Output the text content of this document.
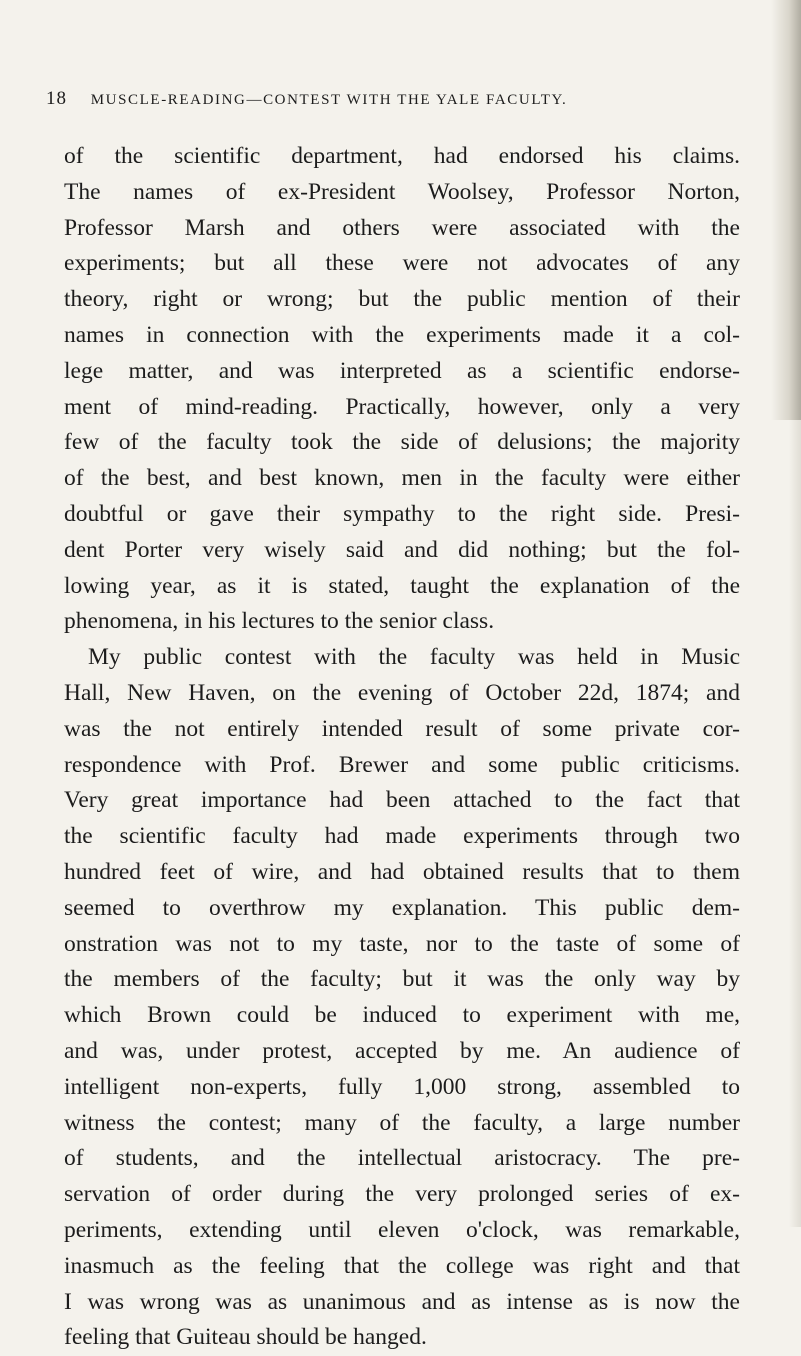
18 MUSCLE-READING—CONTEST WITH THE YALE FACULTY.
of the scientific department, had endorsed his claims.
The names of ex-President Woolsey, Professor Norton,
Professor Marsh and others were associated with the
experiments; but all these were not advocates of any
theory, right or wrong; but the public mention of their
names in connection with the experiments made it a col-
lege matter, and was interpreted as a scientific endorse-
ment of mind-reading. Practically, however, only a very
few of the faculty took the side of delusions; the majority
of the best, and best known, men in the faculty were either
doubtful or gave their sympathy to the right side. Presi-
dent Porter very wisely said and did nothing; but the fol-
lowing year, as it is stated, taught the explanation of the
phenomena, in his lectures to the senior class.
My public contest with the faculty was held in Music
Hall, New Haven, on the evening of October 22d, 1874; and
was the not entirely intended result of some private cor-
respondence with Prof. Brewer and some public criticisms.
Very great importance had been attached to the fact that
the scientific faculty had made experiments through two
hundred feet of wire, and had obtained results that to them
seemed to overthrow my explanation. This public dem-
onstration was not to my taste, nor to the taste of some of
the members of the faculty; but it was the only way by
which Brown could be induced to experiment with me,
and was, under protest, accepted by me. An audience of
intelligent non-experts, fully 1,000 strong, assembled to
witness the contest; many of the faculty, a large number
of students, and the intellectual aristocracy. The pre-
servation of order during the very prolonged series of ex-
periments, extending until eleven o'clock, was remarkable,
inasmuch as the feeling that the college was right and that
I was wrong was as unanimous and as intense as is now the
feeling that Guiteau should be hanged.
